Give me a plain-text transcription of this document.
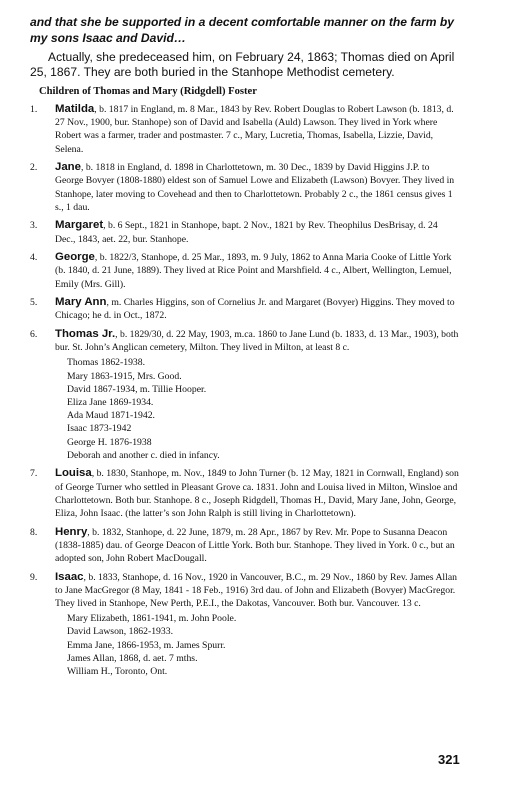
and that she be supported in a decent comfortable manner on the farm by my sons Isaac and David…

Actually, she predeceased him, on February 24, 1863; Thomas died on April 25, 1867. They are both buried in the Stanhope Methodist cemetery.

Children of Thomas and Mary (Ridgdell) Foster
1. Matilda, b. 1817 in England, m. 8 Mar., 1843 by Rev. Robert Douglas to Robert Lawson (b. 1813, d. 27 Nov., 1900, bur. Stanhope) son of David and Isabella (Auld) Lawson. They lived in York where Robert was a farmer, trader and postmaster. 7 c., Mary, Lucretia, Thomas, Isabella, Lizzie, David, Selena.
2. Jane, b. 1818 in England, d. 1898 in Charlottetown, m. 30 Dec., 1839 by David Higgins J.P. to George Bovyer (1808-1880) eldest son of Samuel Lowe and Elizabeth (Lawson) Bovyer. They lived in Stanhope, later moving to Covehead and then to Charlottetown. Probably 2 c., the 1861 census gives 1 s., 1 dau.
3. Margaret, b. 6 Sept., 1821 in Stanhope, bapt. 2 Nov., 1821 by Rev. Theophilus DesBrisay, d. 24 Dec., 1843, aet. 22, bur. Stanhope.
4. George, b. 1822/3, Stanhope, d. 25 Mar., 1893, m. 9 July, 1862 to Anna Maria Cooke of Little York (b. 1840, d. 21 June, 1889). They lived at Rice Point and Marshfield. 4 c., Albert, Wellington, Lemuel, Emily (Mrs. Gill).
5. Mary Ann, m. Charles Higgins, son of Cornelius Jr. and Margaret (Bovyer) Higgins. They moved to Chicago; he d. in Oct., 1872.
6. Thomas Jr., b. 1829/30, d. 22 May, 1903, m.ca. 1860 to Jane Lund (b. 1833, d. 13 Mar., 1903), both bur. St. John’s Anglican cemetery, Milton. They lived in Milton, at least 8 c.
Thomas 1862-1938.
Mary 1863-1915, Mrs. Good.
David 1867-1934, m. Tillie Hooper.
Eliza Jane 1869-1934.
Ada Maud 1871-1942.
Isaac 1873-1942
George H. 1876-1938
Deborah and another c. died in infancy.
7. Louisa, b. 1830, Stanhope, m. Nov., 1849 to John Turner (b. 12 May, 1821 in Cornwall, England) son of George Turner who settled in Pleasant Grove ca. 1831. John and Louisa lived in Milton, Winsloe and Charlottetown. Both bur. Stanhope. 8 c., Joseph Ridgdell, Thomas H., David, Mary Jane, John, George, Eliza, John Isaac. (the latter’s son John Ralph is still living in Charlottetown).
8. Henry, b. 1832, Stanhope, d. 22 June, 1879, m. 28 Apr., 1867 by Rev. Mr. Pope to Susanna Deacon (1838-1885) dau. of George Deacon of Little York. Both bur. Stanhope. They lived in York. 0 c., but an adopted son, John Robert MacDougall.
9. Isaac, b. 1833, Stanhope, d. 16 Nov., 1920 in Vancouver, B.C., m. 29 Nov., 1860 by Rev. James Allan to Jane MacGregor (8 May, 1841 - 18 Feb., 1916) 3rd dau. of John and Elizabeth (Bovyer) MacGregor. They lived in Stanhope, New Perth, P.E.I., the Dakotas, Vancouver. Both bur. Vancouver. 13 c.
Mary Elizabeth, 1861-1941, m. John Poole.
David Lawson, 1862-1933.
Emma Jane, 1866-1953, m. James Spurr.
James Allan, 1868, d. aet. 7 mths.
William H., Toronto, Ont.
321
